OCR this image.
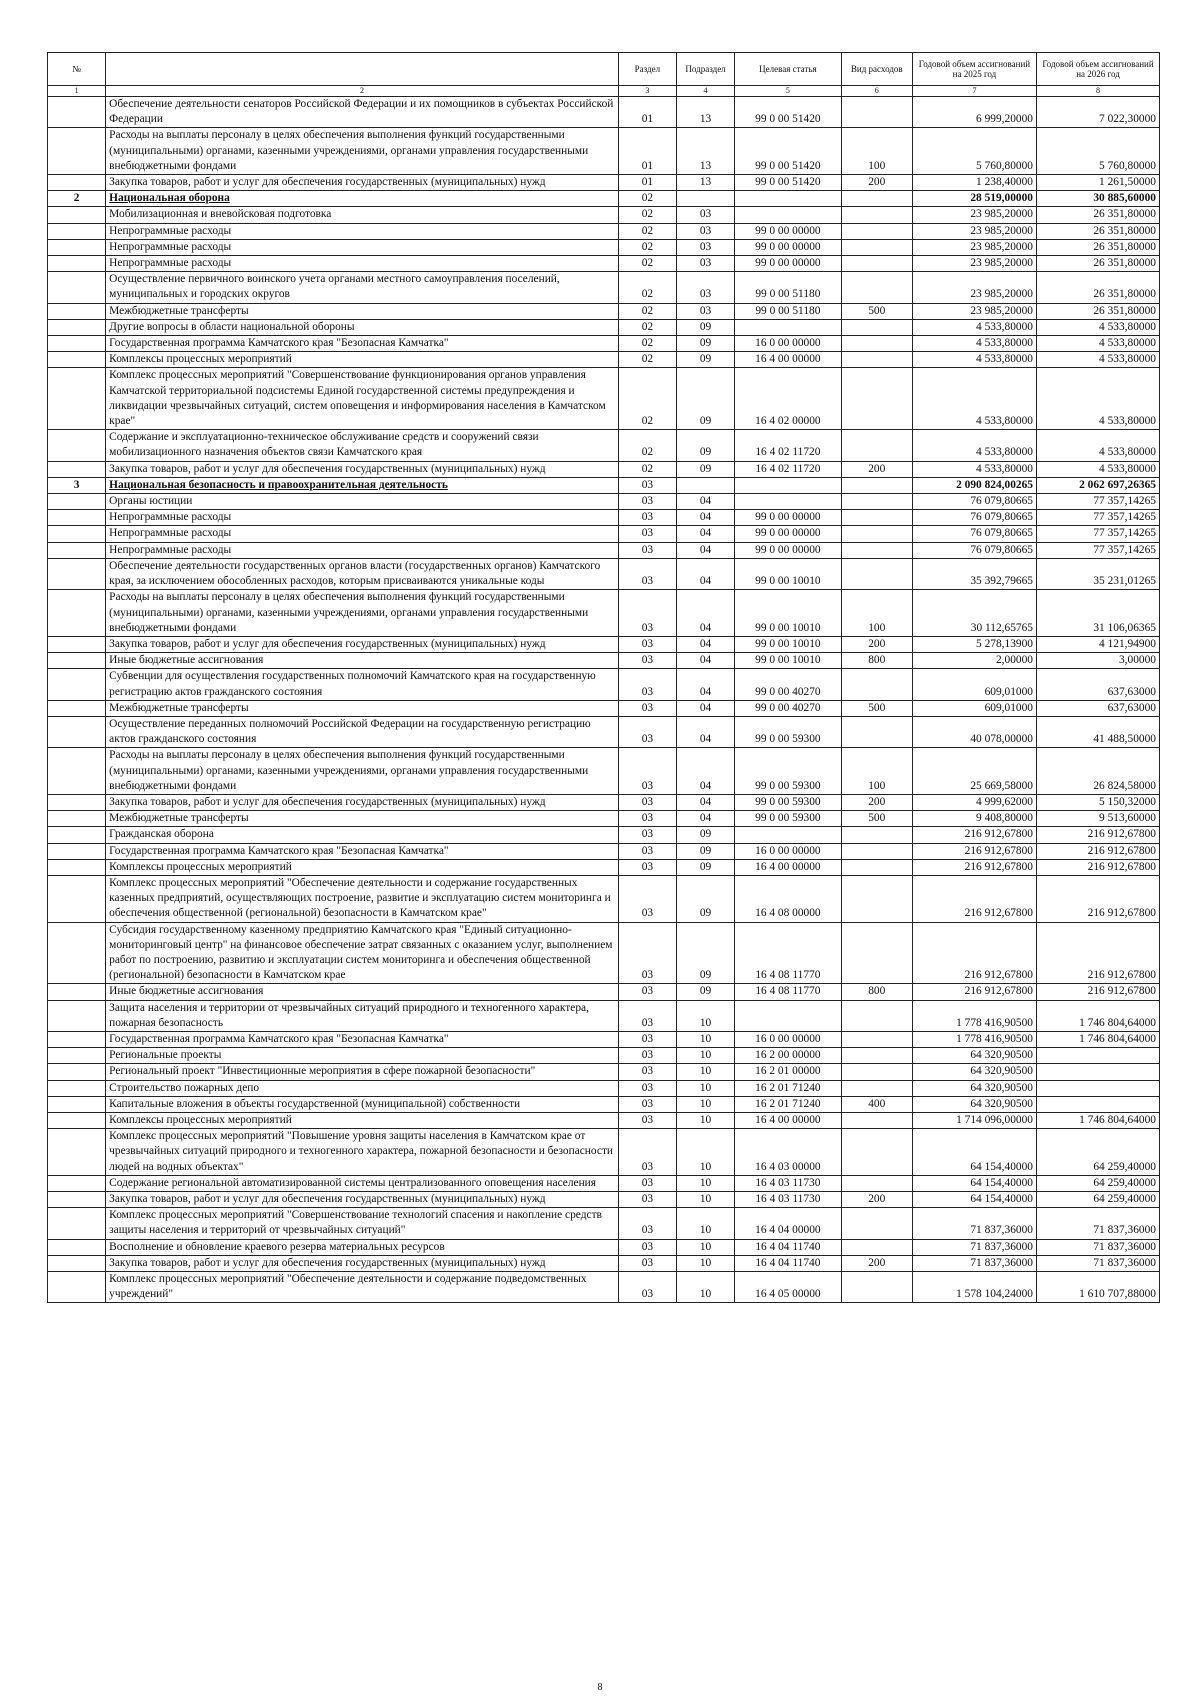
№		Раздел	Подраздел	Целевая статья	Вид расходов	Годовой объем ассигнований на 2025 год	Годовой объем ассигнований на 2026 год
1	2	3	4	5	6	7	8
	Обеспечение деятельности сенаторов Российской Федерации и их помощников в субъектах Российской Федерации	01	13	99 0 00 51420		6 999,20000	7 022,30000
	Расходы на выплаты персоналу в целях обеспечения выполнения функций государственными (муниципальными) органами, казенными учреждениями, органами управления государственными внебюджетными фондами	01	13	99 0 00 51420	100	5 760,80000	5 760,80000
	Закупка товаров, работ и услуг для обеспечения государственных (муниципальных) нужд	01	13	99 0 00 51420	200	1 238,40000	1 261,50000
2	Национальная оборона	02				28 519,00000	30 885,60000
	Мобилизационная и вневойсковая подготовка	02	03			23 985,20000	26 351,80000
	Непрограммные расходы	02	03	99 0 00 00000		23 985,20000	26 351,80000
	Непрограммные расходы	02	03	99 0 00 00000		23 985,20000	26 351,80000
	Непрограммные расходы	02	03	99 0 00 00000		23 985,20000	26 351,80000
	Осуществление первичного воинского учета органами местного самоуправления поселений, муниципальных и городских округов	02	03	99 0 00 51180		23 985,20000	26 351,80000
	Межбюджетные трансферты	02	03	99 0 00 51180	500	23 985,20000	26 351,80000
	Другие вопросы в области национальной обороны	02	09			4 533,80000	4 533,80000
	Государственная программа Камчатского края "Безопасная Камчатка"	02	09	16 0 00 00000		4 533,80000	4 533,80000
	Комплексы процессных мероприятий	02	09	16 4 00 00000		4 533,80000	4 533,80000
	Комплекс процессных мероприятий "Совершенствование функционирования органов управления Камчатской территориальной подсистемы Единой государственной системы предупреждения и ликвидации чрезвычайных ситуаций, систем оповещения и информирования населения в Камчатском крае"	02	09	16 4 02 00000		4 533,80000	4 533,80000
	Содержание и эксплуатационно-техническое обслуживание средств и сооружений связи мобилизационного назначения объектов связи Камчатского края	02	09	16 4 02 11720		4 533,80000	4 533,80000
	Закупка товаров, работ и услуг для обеспечения государственных (муниципальных) нужд	02	09	16 4 02 11720	200	4 533,80000	4 533,80000
3	Национальная безопасность и правоохранительная деятельность	03				2 090 824,00265	2 062 697,26365
	Органы юстиции	03	04			76 079,80665	77 357,14265
	Непрограммные расходы	03	04	99 0 00 00000		76 079,80665	77 357,14265
	Непрограммные расходы	03	04	99 0 00 00000		76 079,80665	77 357,14265
	Непрограммные расходы	03	04	99 0 00 00000		76 079,80665	77 357,14265
	Обеспечение деятельности государственных органов власти (государственных органов) Камчатского края, за исключением обособленных расходов, которым присваиваются уникальные коды	03	04	99 0 00 10010		35 392,79665	35 231,01265
	Расходы на выплаты персоналу в целях обеспечения выполнения функций государственными (муниципальными) органами, казенными учреждениями, органами управления государственными внебюджетными фондами	03	04	99 0 00 10010	100	30 112,65765	31 106,06365
	Закупка товаров, работ и услуг для обеспечения государственных (муниципальных) нужд	03	04	99 0 00 10010	200	5 278,13900	4 121,94900
	Иные бюджетные ассигнования	03	04	99 0 00 10010	800	2,00000	3,00000
	Субвенции для осуществления государственных полномочий Камчатского края на государственную регистрацию актов гражданского состояния	03	04	99 0 00 40270		609,01000	637,63000
	Межбюджетные трансферты	03	04	99 0 00 40270	500	609,01000	637,63000
	Осуществление переданных полномочий Российской Федерации на государственную регистрацию актов гражданского состояния	03	04	99 0 00 59300		40 078,00000	41 488,50000
	Расходы на выплаты персоналу в целях обеспечения выполнения функций государственными (муниципальными) органами, казенными учреждениями, органами управления государственными внебюджетными фондами	03	04	99 0 00 59300	100	25 669,58000	26 824,58000
	Закупка товаров, работ и услуг для обеспечения государственных (муниципальных) нужд	03	04	99 0 00 59300	200	4 999,62000	5 150,32000
	Межбюджетные трансферты	03	04	99 0 00 59300	500	9 408,80000	9 513,60000
	Гражданская оборона	03	09			216 912,67800	216 912,67800
	Государственная программа Камчатского края "Безопасная Камчатка"	03	09	16 0 00 00000		216 912,67800	216 912,67800
	Комплексы процессных мероприятий	03	09	16 4 00 00000		216 912,67800	216 912,67800
	Комплекс процессных мероприятий "Обеспечение деятельности и содержание государственных казенных предприятий, осуществляющих построение, развитие и эксплуатацию систем мониторинга и обеспечения общественной (региональной) безопасности в Камчатском крае"	03	09	16 4 08 00000		216 912,67800	216 912,67800
	Субсидия государственному казенному предприятию Камчатского края "Единый ситуационно-мониторинговый центр" на финансовое обеспечение затрат связанных с оказанием услуг, выполнением работ по построению, развитию и эксплуатации систем мониторинга и обеспечения общественной (региональной) безопасности в Камчатском крае	03	09	16 4 08 11770		216 912,67800	216 912,67800
	Иные бюджетные ассигнования	03	09	16 4 08 11770	800	216 912,67800	216 912,67800
	Защита населения и территории от чрезвычайных ситуаций природного и техногенного характера, пожарная безопасность	03	10			1 778 416,90500	1 746 804,64000
	Государственная программа Камчатского края "Безопасная Камчатка"	03	10	16 0 00 00000		1 778 416,90500	1 746 804,64000
	Региональные проекты	03	10	16 2 00 00000		64 320,90500	
	Региональный проект "Инвестиционные мероприятия в сфере пожарной безопасности"	03	10	16 2 01 00000		64 320,90500	
	Строительство пожарных депо	03	10	16 2 01 71240		64 320,90500	
	Капитальные вложения в объекты государственной (муниципальной) собственности	03	10	16 2 01 71240	400	64 320,90500	
	Комплексы процессных мероприятий	03	10	16 4 00 00000		1 714 096,00000	1 746 804,64000
	Комплекс процессных мероприятий "Повышение уровня защиты населения в Камчатском крае от чрезвычайных ситуаций природного и техногенного характера, пожарной безопасности и безопасности людей на водных объектах"	03	10	16 4 03 00000		64 154,40000	64 259,40000
	Содержание региональной автоматизированной системы централизованного оповещения населения	03	10	16 4 03 11730		64 154,40000	64 259,40000
	Закупка товаров, работ и услуг для обеспечения государственных (муниципальных) нужд	03	10	16 4 03 11730	200	64 154,40000	64 259,40000
	Комплекс процессных мероприятий "Совершенствование технологий спасения и накопление средств защиты населения и территорий от чрезвычайных ситуаций"	03	10	16 4 04 00000		71 837,36000	71 837,36000
	Восполнение и обновление краевого резерва материальных ресурсов	03	10	16 4 04 11740		71 837,36000	71 837,36000
	Закупка товаров, работ и услуг для обеспечения государственных (муниципальных) нужд	03	10	16 4 04 11740	200	71 837,36000	71 837,36000
	Комплекс процессных мероприятий "Обеспечение деятельности и содержание подведомственных учреждений"	03	10	16 4 05 00000		1 578 104,24000	1 610 707,88000
8
